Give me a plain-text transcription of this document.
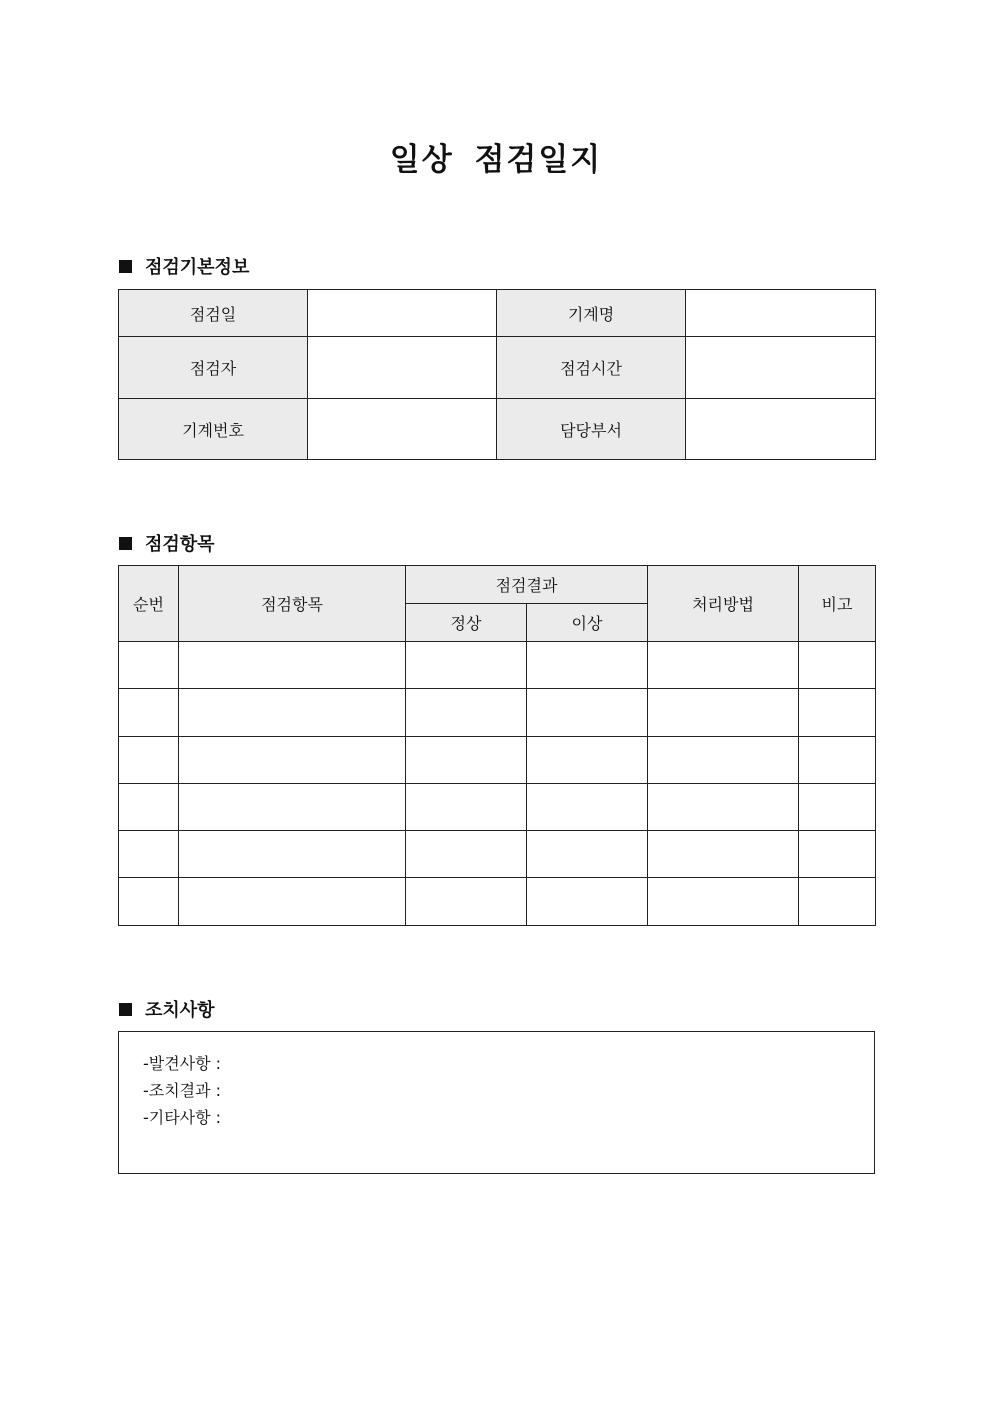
일상 점검일지
점검기본정보
점검일		기계명	
점검자		점검시간	
기계번호		담당부서	
점검항목
순번	점검항목	점검결과		처리방법	비고
		정상	이상		

조치사항
-발견사항 :
-조치결과 :
-기타사항 :
